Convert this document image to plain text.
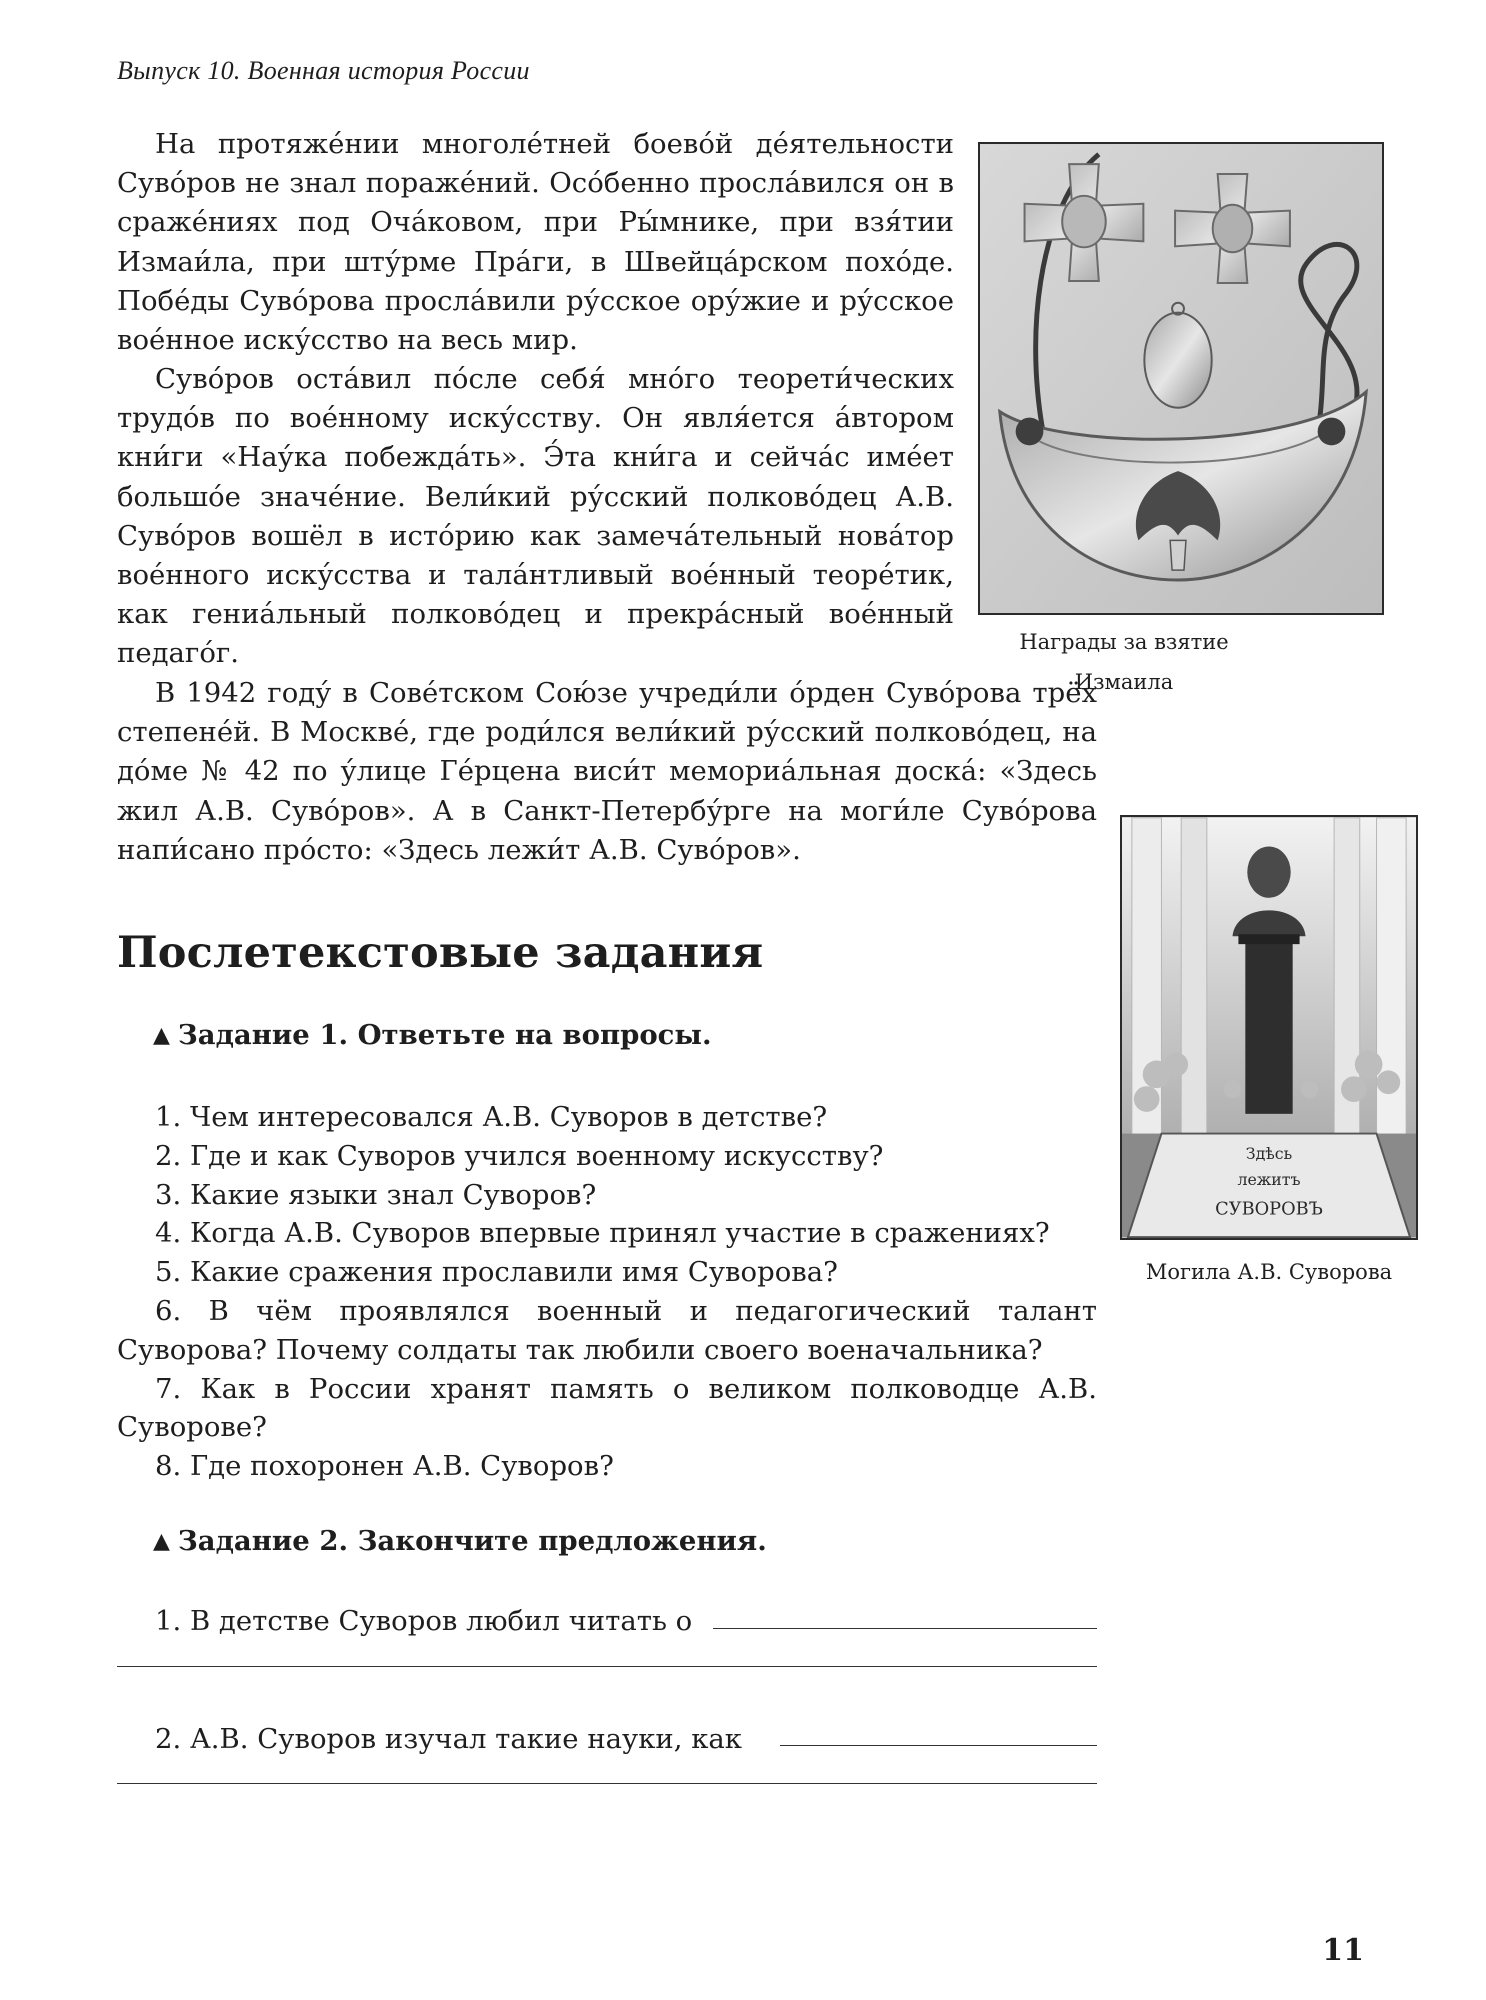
Выпуск 10. Военная история России

На протяже́нии многоле́тней боево́й де́ятельности Суво́ров не знал пораже́ний. Осо́бенно просла́вился он в сраже́ниях под Оча́ковом, при Ры́мнике, при взя́тии Измаи́ла, при шту́рме Пра́ги, в Швейца́рском похо́де. Побе́ды Суво́рова просла́вили ру́сское ору́жие и ру́сское вое́нное иску́сство на весь мир.

Суво́ров оста́вил по́сле себя́ мно́го теорети́ческих трудо́в по вое́нному иску́сству. Он явля́ется а́втором кни́ги «Нау́ка побежда́ть». Э́та кни́га и сейча́с име́ет большо́е значе́ние. Вели́кий ру́сский полково́дец А.В. Суво́ров вошёл в исто́рию как замеча́тельный нова́тор вое́нного иску́сства и тала́нтливый вое́нный теоре́тик, как гениа́льный полково́дец и прекра́сный вое́нный педаго́г.

В 1942 году́ в Сове́тском Сою́зе учреди́ли о́рден Суво́рова трёх степене́й. В Москве́, где роди́лся вели́кий ру́сский полково́дец, на до́ме № 42 по у́лице Ге́рцена виси́т мемориа́льная доска́: «Здесь жил А.В. Суво́ров». А в Санкт-Петербу́рге на моги́ле Суво́рова напи́сано про́сто: «Здесь лежи́т А.В. Суво́ров».

Награды за взятие
Измаила
Здѣсь
лежитъ
СУВОРОВЪ
Могила А.В. Суворова
Послетекстовые задания

▲ Задание 1. Ответьте на вопросы.

1. Чем интересовался А.В. Суворов в детстве?
2. Где и как Суворов учился военному искусству?
3. Какие языки знал Суворов?
4. Когда А.В. Суворов впервые принял участие в сражениях?
5. Какие сражения прославили имя Суворова?
6. В чём проявлялся военный и педагогический талант Суворова? Почему солдаты так любили своего военачальника?
7. Как в России хранят память о великом полководце А.В. Суворове?
8. Где похоронен А.В. Суворов?

▲ Задание 2. Закончите предложения.

1. В детстве Суворов любил читать о

2. А.В. Суворов изучал такие науки, как

11
